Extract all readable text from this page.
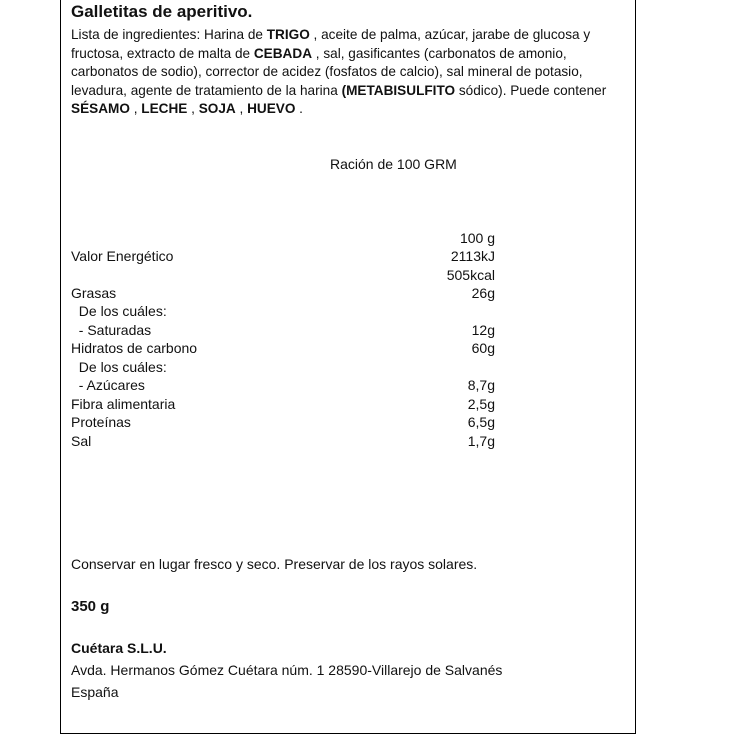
Galletitas de aperitivo.
Lista de ingredientes: Harina de TRIGO , aceite de palma, azúcar, jarabe de glucosa y fructosa, extracto de malta de CEBADA , sal, gasificantes (carbonatos de amonio, carbonatos de sodio), corrector de acidez (fosfatos de calcio), sal mineral de potasio, levadura, agente de tratamiento de la harina (METABISULFITO sódico). Puede contener SÉSAMO , LECHE , SOJA , HUEVO .
Ración de 100 GRM
100 g
Valor Energético	2113kJ
505kcal
Grasas	26g
De los cuáles:
- Saturadas	12g
Hidratos de carbono	60g
De los cuáles:
- Azúcares	8,7g
Fibra alimentaria	2,5g
Proteínas	6,5g
Sal	1,7g
Conservar en lugar fresco y seco. Preservar de los rayos solares.
350 g
Cuétara S.L.U.
Avda. Hermanos Gómez Cuétara núm. 1 28590-Villarejo de Salvanés
España
